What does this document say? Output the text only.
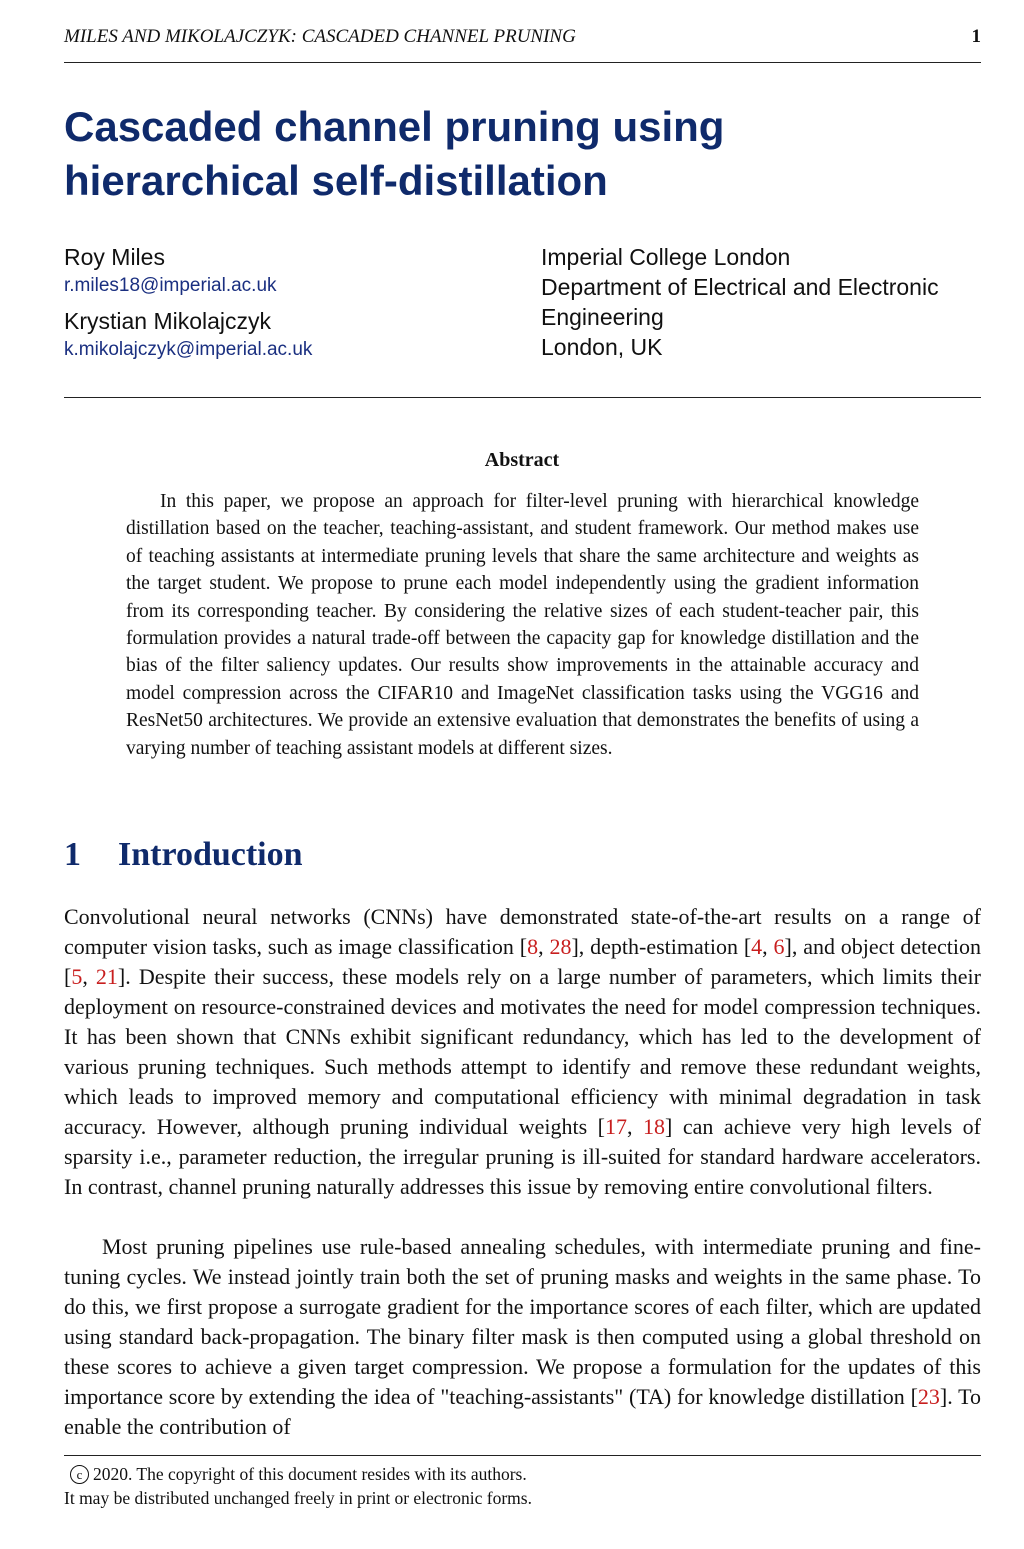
MILES AND MIKOLAJCZYK: CASCADED CHANNEL PRUNING	1
Cascaded channel pruning using
hierarchical self-distillation
Roy Miles
r.miles18@imperial.ac.uk
Krystian Mikolajczyk
k.mikolajczyk@imperial.ac.uk
Imperial College London
Department of Electrical and Electronic
Engineering
London, UK
Abstract

In this paper, we propose an approach for filter-level pruning with hierarchical knowledge distillation based on the teacher, teaching-assistant, and student framework. Our method makes use of teaching assistants at intermediate pruning levels that share the same architecture and weights as the target student. We propose to prune each model independently using the gradient information from its corresponding teacher. By considering the relative sizes of each student-teacher pair, this formulation provides a natural trade-off between the capacity gap for knowledge distillation and the bias of the filter saliency updates. Our results show improvements in the attainable accuracy and model compression across the CIFAR10 and ImageNet classification tasks using the VGG16 and ResNet50 architectures. We provide an extensive evaluation that demonstrates the benefits of using a varying number of teaching assistant models at different sizes.

1 Introduction

Convolutional neural networks (CNNs) have demonstrated state-of-the-art results on a range of computer vision tasks, such as image classification [8, 28], depth-estimation [4, 6], and object detection [5, 21]. Despite their success, these models rely on a large number of parameters, which limits their deployment on resource-constrained devices and motivates the need for model compression techniques. It has been shown that CNNs exhibit significant redundancy, which has led to the development of various pruning techniques. Such methods attempt to identify and remove these redundant weights, which leads to improved memory and computational efficiency with minimal degradation in task accuracy. However, although pruning individual weights [17, 18] can achieve very high levels of sparsity i.e., parameter reduction, the irregular pruning is ill-suited for standard hardware accelerators. In contrast, channel pruning naturally addresses this issue by removing entire convolutional filters.

Most pruning pipelines use rule-based annealing schedules, with intermediate pruning and fine-tuning cycles. We instead jointly train both the set of pruning masks and weights in the same phase. To do this, we first propose a surrogate gradient for the importance scores of each filter, which are updated using standard back-propagation. The binary filter mask is then computed using a global threshold on these scores to achieve a given target compression. We propose a formulation for the updates of this importance score by extending the idea of "teaching-assistants" (TA) for knowledge distillation [23]. To enable the contribution of

c 2020. The copyright of this document resides with its authors.
It may be distributed unchanged freely in print or electronic forms.
